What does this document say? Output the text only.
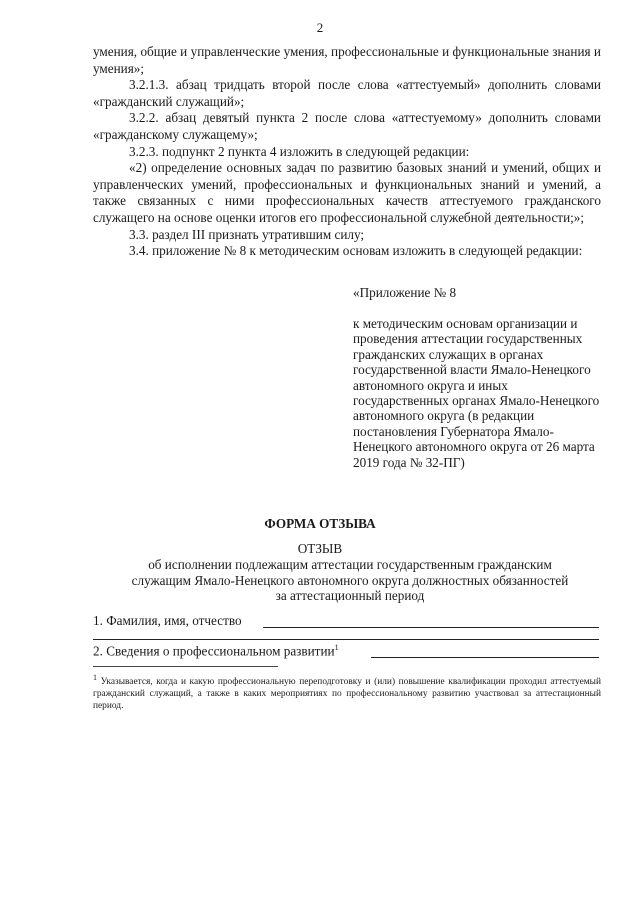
2

умения, общие и управленческие умения, профессиональные и функциональные знания и умения»;

3.2.1.3. абзац тридцать второй после слова «аттестуемый» дополнить словами «гражданский служащий»;

3.2.2. абзац девятый пункта 2 после слова «аттестуемому» дополнить словами «гражданскому служащему»;

3.2.3. подпункт 2 пункта 4 изложить в следующей редакции:

«2) определение основных задач по развитию базовых знаний и умений, общих и управленческих умений, профессиональных и функциональных знаний и умений, а также связанных с ними профессиональных качеств аттестуемого гражданского служащего на основе оценки итогов его профессиональной служебной деятельности;»;

3.3. раздел III признать утратившим силу;

3.4. приложение № 8 к методическим основам изложить в следующей редакции:

«Приложение № 8
к методическим основам организации и проведения аттестации государственных гражданских служащих в органах государственной власти Ямало-Ненецкого автономного округа и иных государственных органах Ямало-Ненецкого автономного округа (в редакции постановления Губернатора Ямало-Ненецкого автономного округа от 26 марта 2019 года № 32-ПГ)
ФОРМА ОТЗЫВА
ОТЗЫВ
об исполнении подлежащим аттестации государственным гражданским служащим Ямало-Ненецкого автономного округа должностных обязанностей за аттестационный период
1. Фамилия, имя, отчество
2. Сведения о профессиональном развитии$^1$
$^1$ Указывается, когда и какую профессиональную переподготовку и (или) повышение квалификации проходил аттестуемый гражданский служащий, а также в каких мероприятиях по профессиональному развитию участвовал за аттестационный период.
